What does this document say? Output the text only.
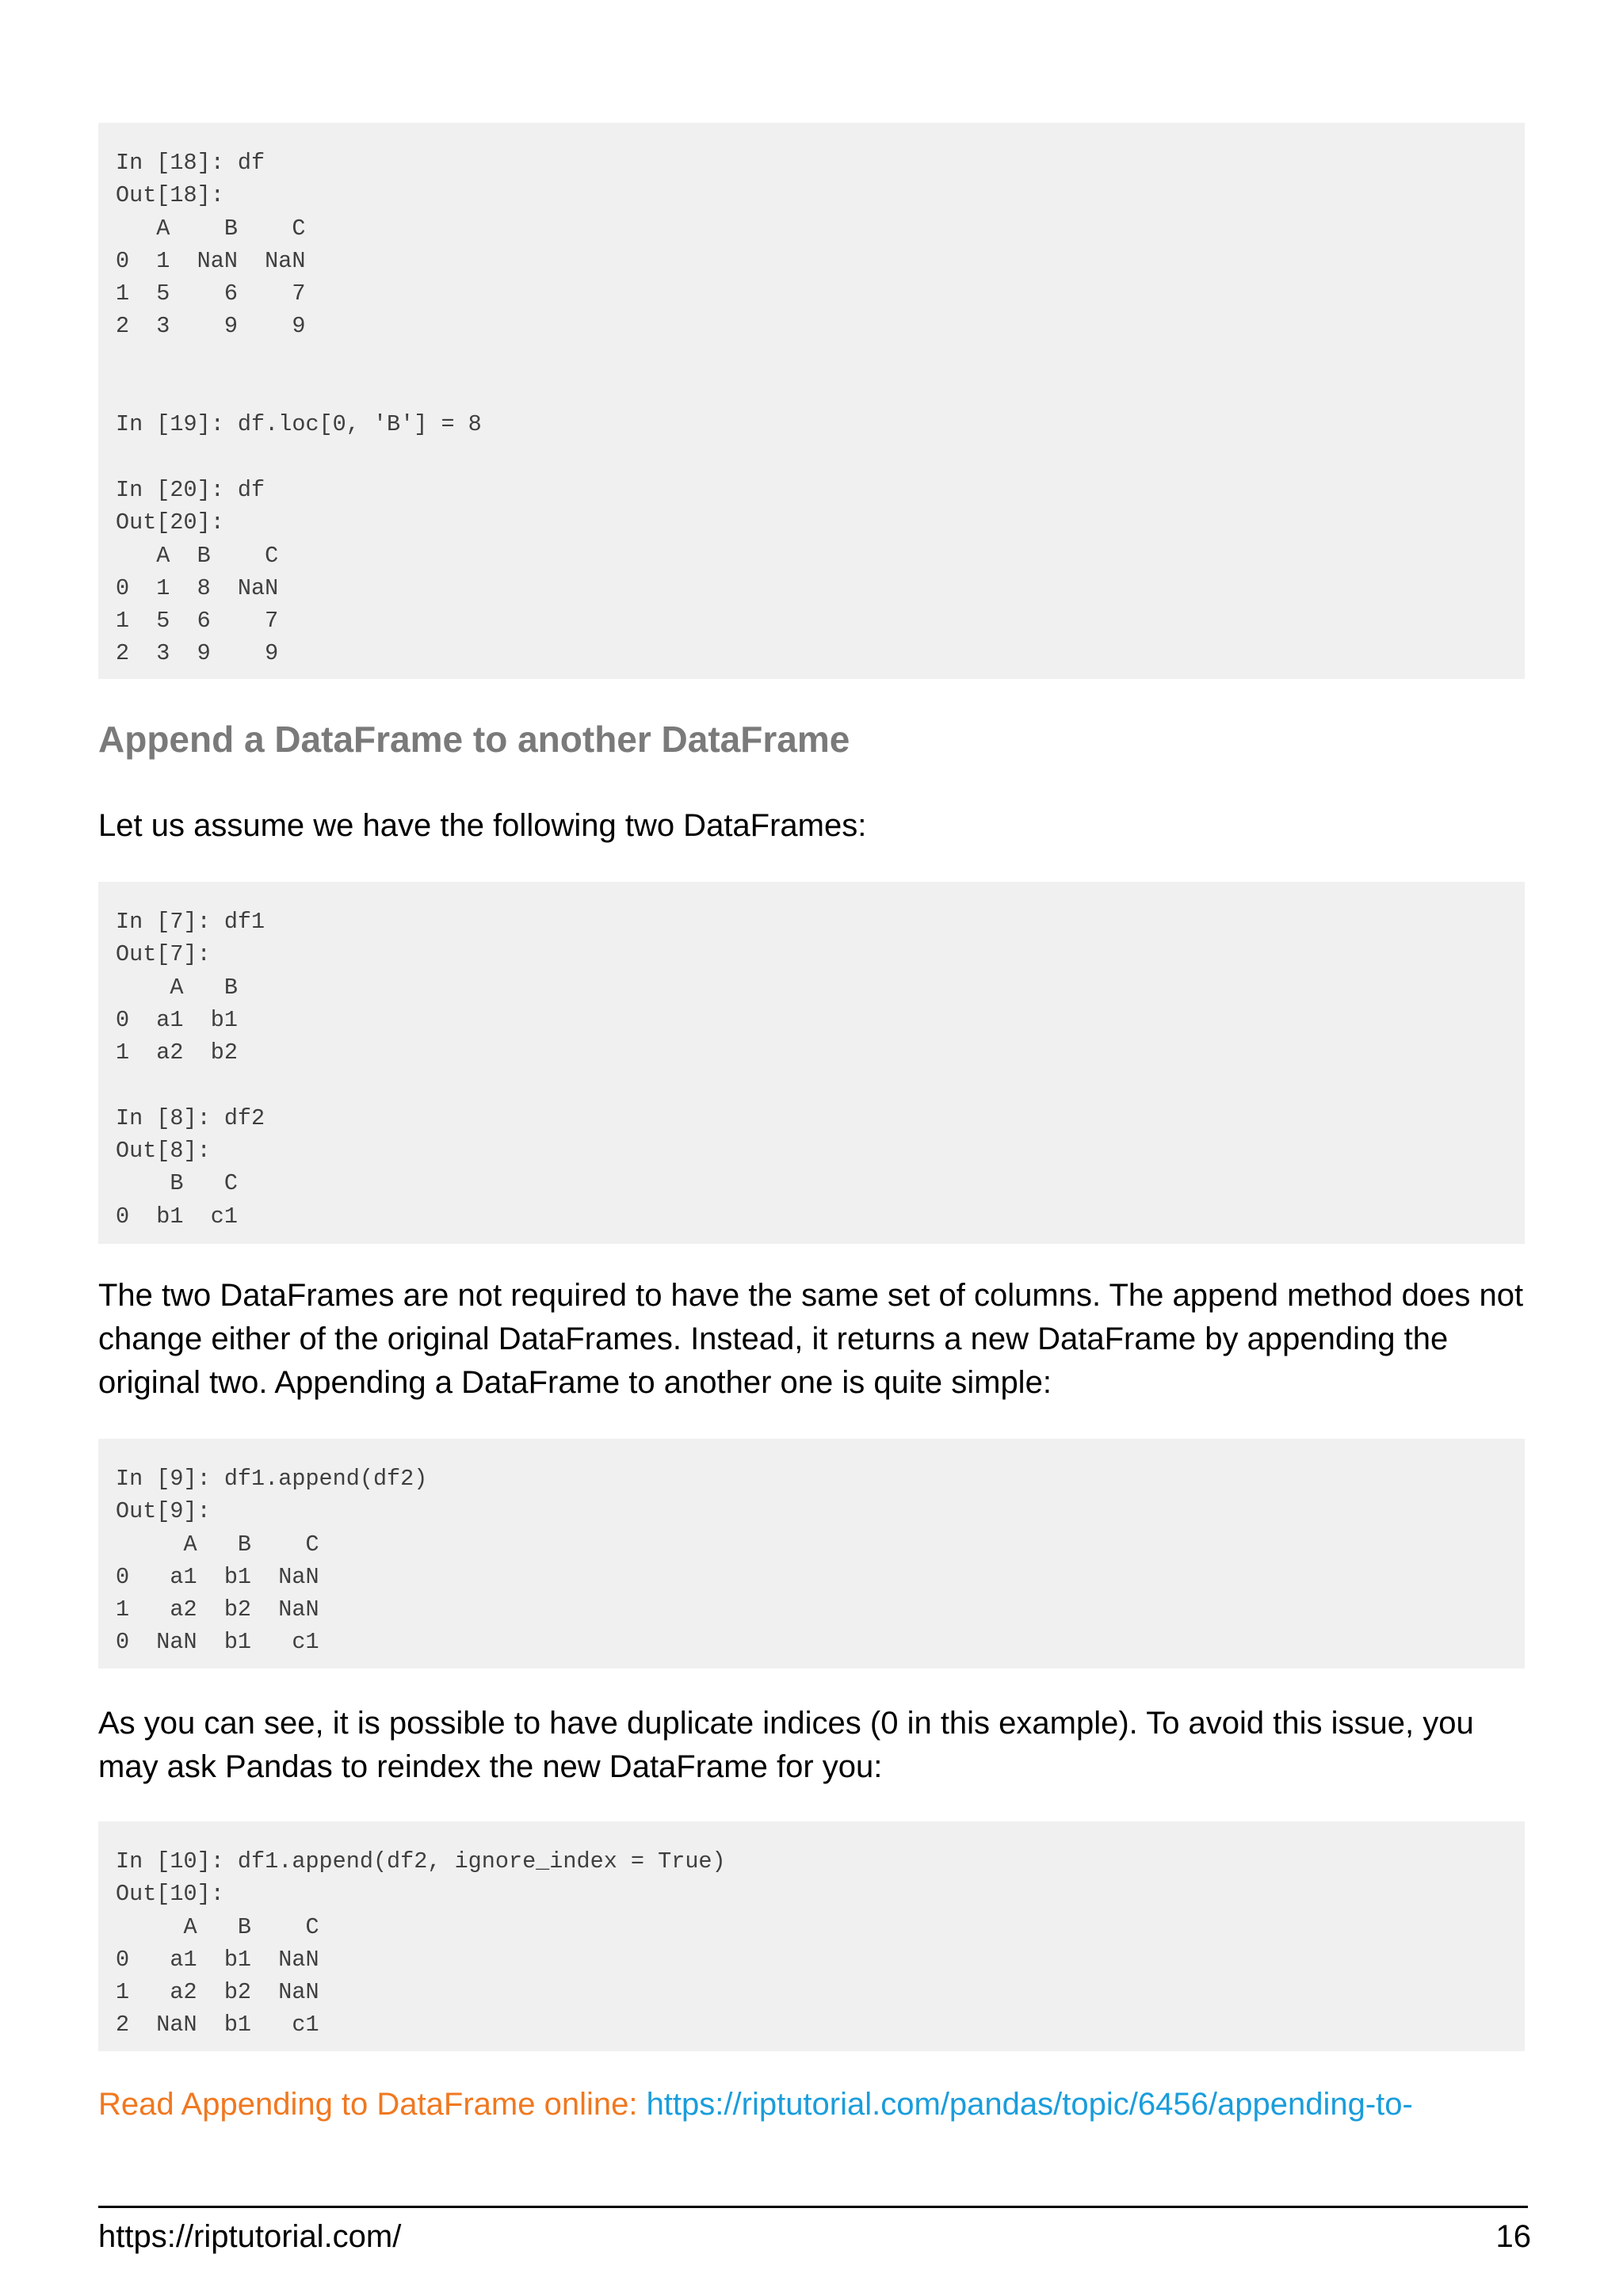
In [18]: df
Out[18]:
A    B    C
0  1  NaN  NaN
1  5    6    7
2  3    9    9

In [19]: df.loc[0, 'B'] = 8

In [20]: df
Out[20]:
A  B    C
0  1  8  NaN
1  5  6    7
2  3  9    9
Append a DataFrame to another DataFrame

Let us assume we have the following two DataFrames:

In [7]: df1
Out[7]:
A   B
0  a1  b1
1  a2  b2

In [8]: df2
Out[8]:
B   C
0  b1  c1

The two DataFrames are not required to have the same set of columns. The append method does not change either of the original DataFrames. Instead, it returns a new DataFrame by appending the original two. Appending a DataFrame to another one is quite simple:

In [9]: df1.append(df2)
Out[9]:
A   B    C
0   a1  b1  NaN
1   a2  b2  NaN
0  NaN  b1   c1

As you can see, it is possible to have duplicate indices (0 in this example). To avoid this issue, you may ask Pandas to reindex the new DataFrame for you:

In [10]: df1.append(df2, ignore_index = True)
Out[10]:
A   B    C
0   a1  b1  NaN
1   a2  b2  NaN
2  NaN  b1   c1

Read Appending to DataFrame online: https://riptutorial.com/pandas/topic/6456/appending-to-

https://riptutorial.com/	16
